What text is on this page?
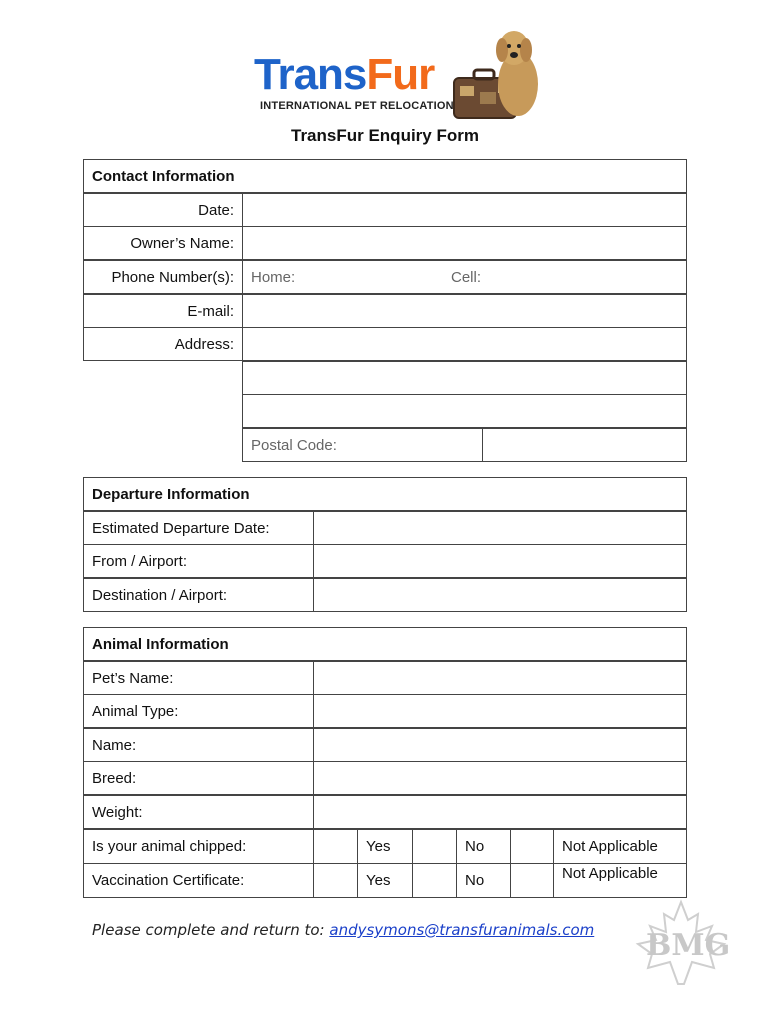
TransFur
INTERNATIONAL PET RELOCATION
TransFur Enquiry Form
Contact Information
Date:
Owner’s Name:
Phone Number(s):	Home:	Cell:
E-mail:
Address:
Postal Code:
Departure Information
Estimated Departure Date:
From / Airport:
Destination / Airport:
Animal Information
Pet’s Name:
Animal Type:
Name:
Breed:
Weight:
Is your animal chipped:	Yes	No	Not Applicable
Vaccination Certificate:	Yes	No	Not Applicable
Please complete and return to: andysymons@transfuranimals.com BMG
